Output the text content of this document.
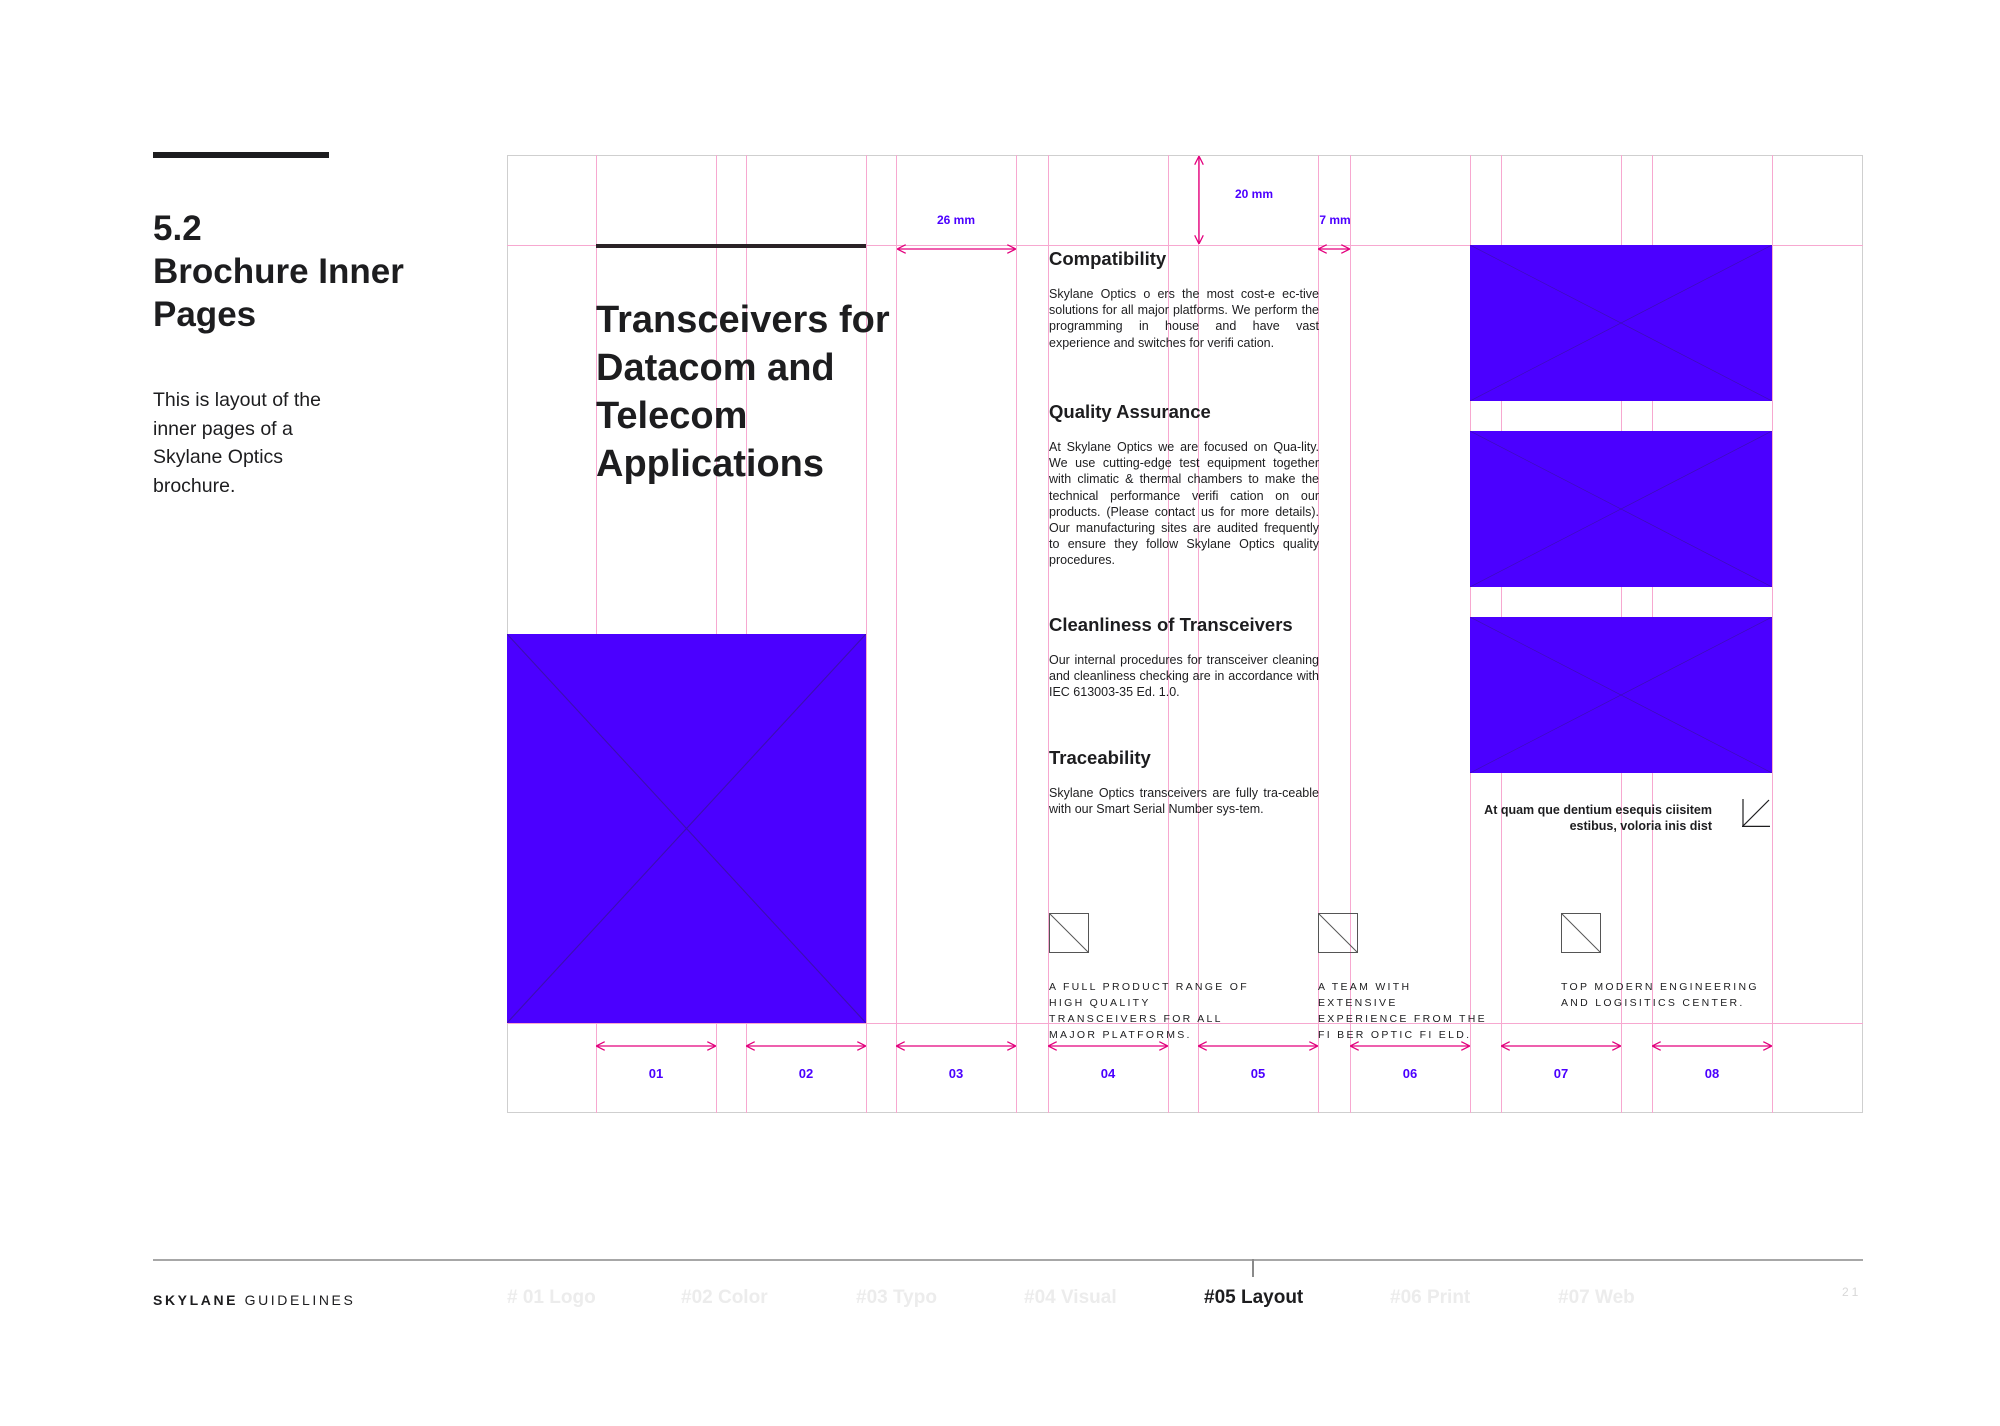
5.2
Brochure Inner Pages
This is layout of the inner pages of a Skylane Optics brochure.
Transceivers for Datacom and Telecom Applications
Compatibility
Skylane Optics o ers the most cost-e ec-tive solutions for all major platforms. We perform the programming in house and have vast experience and switches for verifi cation.
Quality Assurance
At Skylane Optics we are focused on Qua-lity. We use cutting-edge test equipment together with climatic & thermal chambers to make the technical performance verifi cation on our products. (Please contact us for more details). Our manufacturing sites are audited frequently to ensure they follow Skylane Optics quality procedures.
Cleanliness of Transceivers
Our internal procedures for transceiver cleaning and cleanliness checking are in accordance with IEC 613003-35 Ed. 1.0.
Traceability
Skylane Optics transceivers are fully tra-ceable with our Smart Serial Number sys-tem.	At quam que dentium esequis ciisitem estibus, voloria inis dist
A FULL PRODUCT RANGE OF HIGH QUALITY TRANSCEIVERS FOR ALL MAJOR PLATFORMS.
A TEAM WITH EXTENSIVE EXPERIENCE FROM THE FI BER OPTIC FI ELD.
TOP MODERN ENGINEERING AND LOGISITICS CENTER.
26 mm
20 mm
7 mm
01	02	03	04	05	06	07	08
SKYLANE GUIDELINES	# 01 Logo	#02 Color	#03 Typo	#04 Visual	#05 Layout	#06 Print	#07 Web	21
